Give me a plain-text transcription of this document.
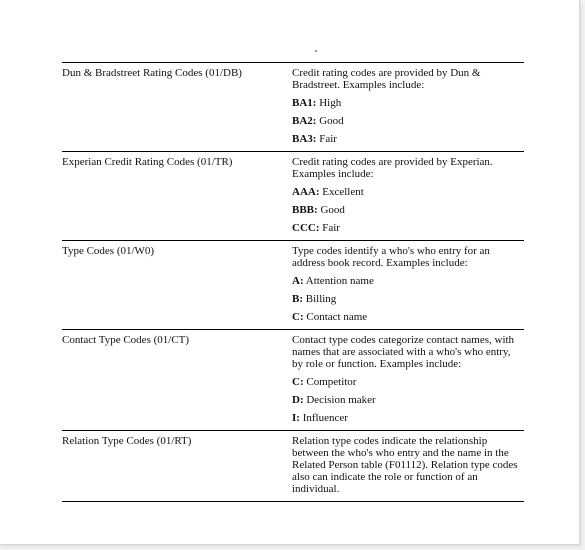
Dun & Bradstreet Rating Codes (01/DB)	Credit rating codes are provided by Dun & Bradstreet. Examples include:
BA1: High
BA2: Good
BA3: Fair

Experian Credit Rating Codes (01/TR)	Credit rating codes are provided by Experian. Examples include:
AAA: Excellent
BBB: Good
CCC: Fair

Type Codes (01/W0)	Type codes identify a who's who entry for an address book record. Examples include:
A: Attention name
B: Billing
C: Contact name

Contact Type Codes (01/CT)	Contact type codes categorize contact names, with names that are associated with a who's who entry, by role or function. Examples include:
C: Competitor
D: Decision maker
I: Influencer

Relation Type Codes (01/RT)	Relation type codes indicate the relationship between the who's who entry and the name in the Related Person table (F01112). Relation type codes also can indicate the role or function of an individual.
